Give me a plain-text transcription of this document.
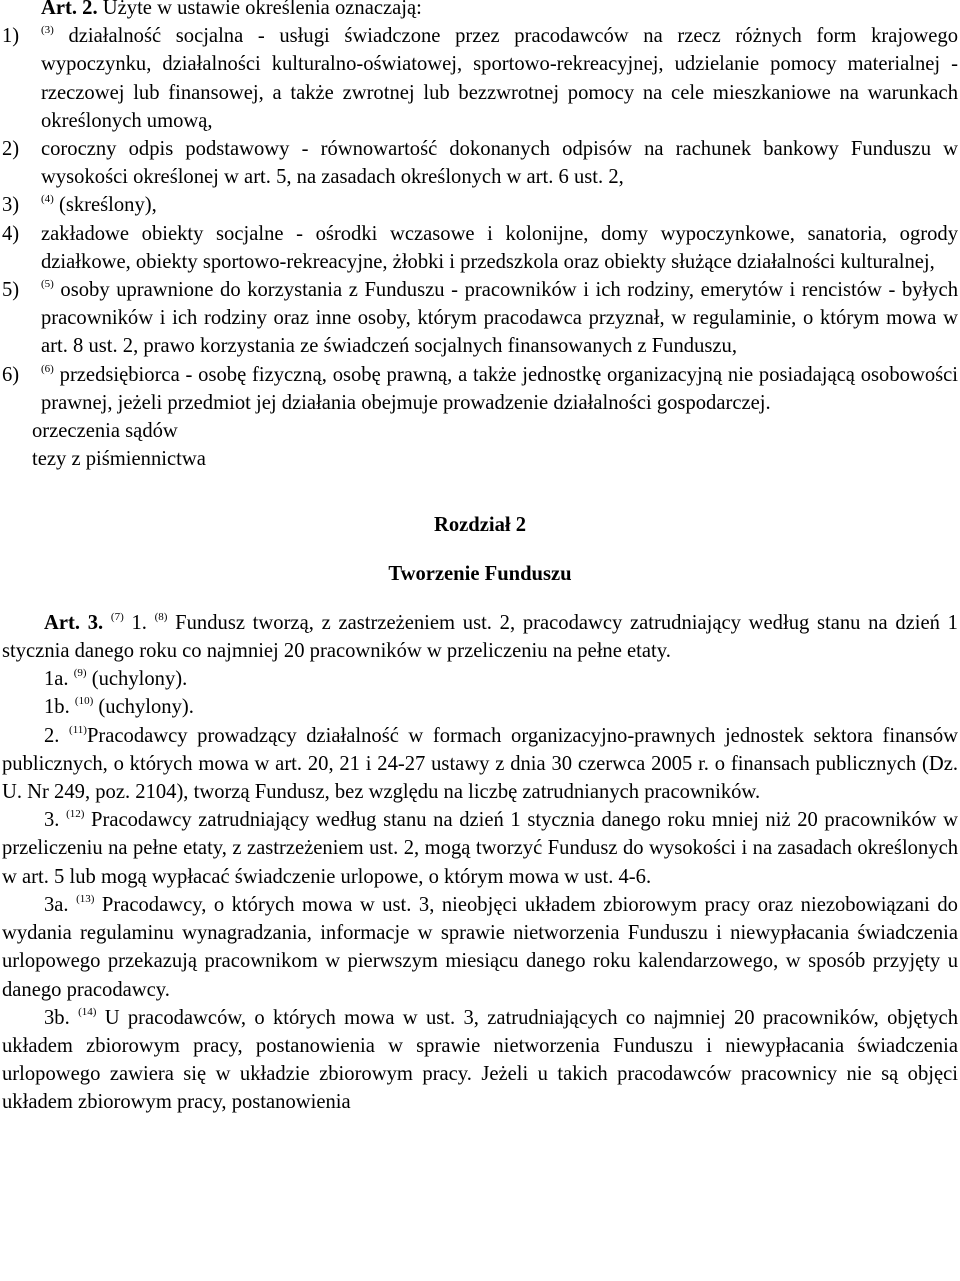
Art. 2. Użyte w ustawie określenia oznaczają:

1) $^{(3)}$ działalność socjalna - usługi świadczone przez pracodawców na rzecz różnych form krajowego wypoczynku, działalności kulturalno-oświatowej, sportowo-rekreacyjnej, udzielanie pomocy materialnej - rzeczowej lub finansowej, a także zwrotnej lub bezzwrotnej pomocy na cele mieszkaniowe na warunkach określonych umową,

2) coroczny odpis podstawowy - równowartość dokonanych odpisów na rachunek bankowy Funduszu w wysokości określonej w art. 5, na zasadach określonych w art. 6 ust. 2,

3) $^{(4)}$ (skreślony),

4) zakładowe obiekty socjalne - ośrodki wczasowe i kolonijne, domy wypoczynkowe, sanatoria, ogrody działkowe, obiekty sportowo-rekreacyjne, żłobki i przedszkola oraz obiekty służące działalności kulturalnej,

5) $^{(5)}$ osoby uprawnione do korzystania z Funduszu - pracowników i ich rodziny, emerytów i rencistów - byłych pracowników i ich rodziny oraz inne osoby, którym pracodawca przyznał, w regulaminie, o którym mowa w art. 8 ust. 2, prawo korzystania ze świadczeń socjalnych finansowanych z Funduszu,

6) $^{(6)}$ przedsiębiorca - osobę fizyczną, osobę prawną, a także jednostkę organizacyjną nie posiadającą osobowości prawnej, jeżeli przedmiot jej działania obejmuje prowadzenie działalności gospodarczej.

orzeczenia sądów

tezy z piśmiennictwa

Rozdział 2

Tworzenie Funduszu

Art. 3. $^{(7)}$ 1. $^{(8)}$ Fundusz tworzą, z zastrzeżeniem ust. 2, pracodawcy zatrudniający według stanu na dzień 1 stycznia danego roku co najmniej 20 pracowników w przeliczeniu na pełne etaty.

1a. $^{(9)}$ (uchylony).

1b. $^{(10)}$ (uchylony).

2. $^{(11)}$Pracodawcy prowadzący działalność w formach organizacyjno-prawnych jednostek sektora finansów publicznych, o których mowa w art. 20, 21 i 24-27 ustawy z dnia 30 czerwca 2005 r. o finansach publicznych (Dz. U. Nr 249, poz. 2104), tworzą Fundusz, bez względu na liczbę zatrudnianych pracowników.

3. $^{(12)}$ Pracodawcy zatrudniający według stanu na dzień 1 stycznia danego roku mniej niż 20 pracowników w przeliczeniu na pełne etaty, z zastrzeżeniem ust. 2, mogą tworzyć Fundusz do wysokości i na zasadach określonych w art. 5 lub mogą wypłacać świadczenie urlopowe, o którym mowa w ust. 4-6.

3a. $^{(13)}$ Pracodawcy, o których mowa w ust. 3, nieobjęci układem zbiorowym pracy oraz niezobowiązani do wydania regulaminu wynagradzania, informacje w sprawie nietworzenia Funduszu i niewypłacania świadczenia urlopowego przekazują pracownikom w pierwszym miesiącu danego roku kalendarzowego, w sposób przyjęty u danego pracodawcy.

3b. $^{(14)}$ U pracodawców, o których mowa w ust. 3, zatrudniających co najmniej 20 pracowników, objętych układem zbiorowym pracy, postanowienia w sprawie nietworzenia Funduszu i niewypłacania świadczenia urlopowego zawiera się w układzie zbiorowym pracy. Jeżeli u takich pracodawców pracownicy nie są objęci układem zbiorowym pracy, postanowienia
